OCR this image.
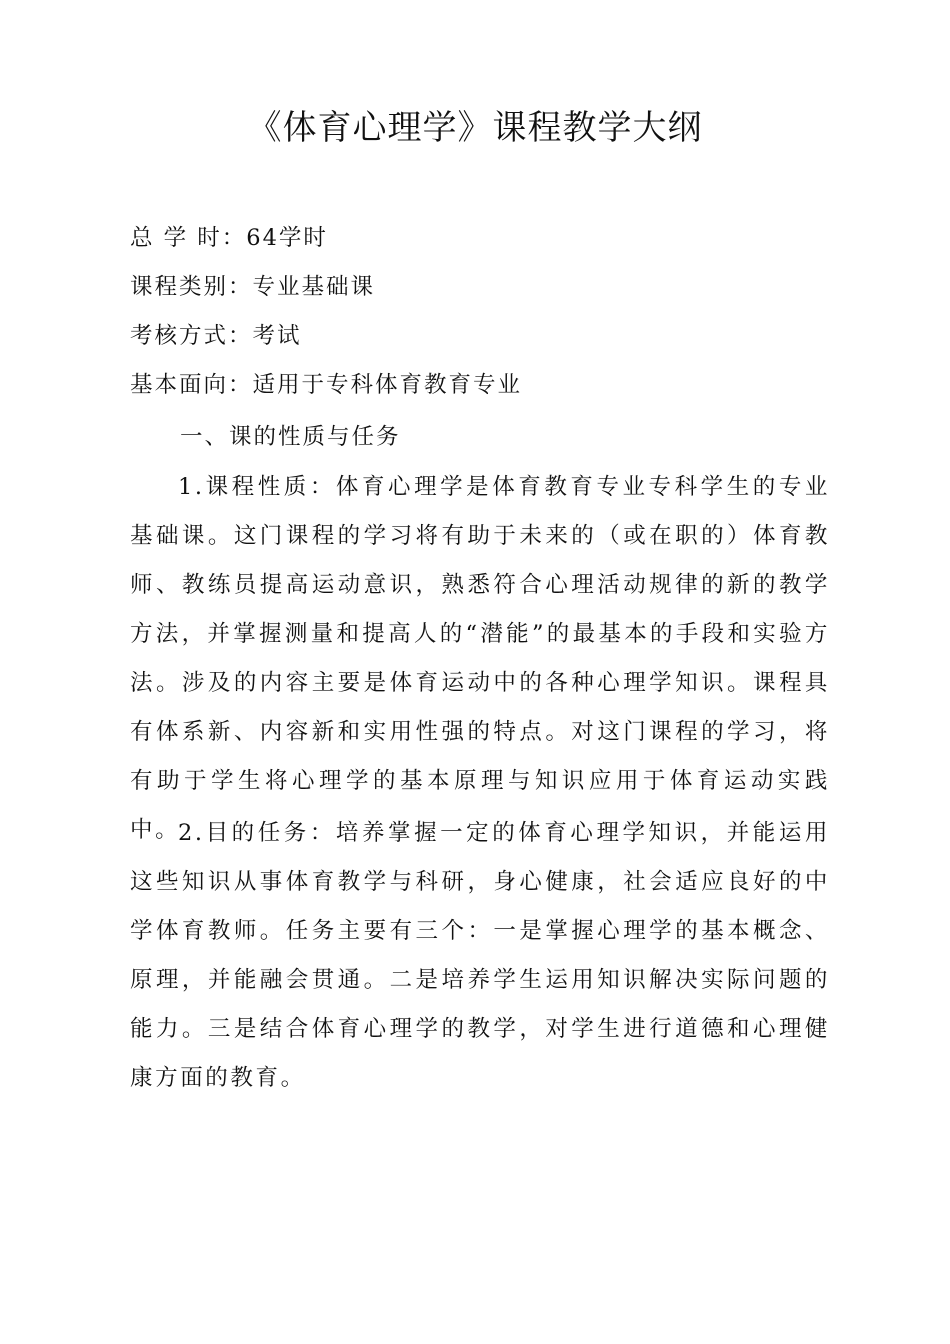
《体育心理学》课程教学大纲
总 学 时：64学时
课程类别：专业基础课
考核方式：考试
基本面向：适用于专科体育教育专业
一、课的性质与任务

1.课程性质：体育心理学是体育教育专业专科学生的专业基础课。这门课程的学习将有助于未来的（或在职的）体育教师、教练员提高运动意识，熟悉符合心理活动规律的新的教学方法，并掌握测量和提高人的“潜能”的最基本的手段和实验方法。涉及的内容主要是体育运动中的各种心理学知识。课程具有体系新、内容新和实用性强的特点。对这门课程的学习，将有助于学生将心理学的基本原理与知识应用于体育运动实践中。

2.目的任务：培养掌握一定的体育心理学知识，并能运用这些知识从事体育教学与科研，身心健康，社会适应良好的中学体育教师。任务主要有三个：一是掌握心理学的基本概念、原理，并能融会贯通。二是培养学生运用知识解决实际问题的能力。三是结合体育心理学的教学，对学生进行道德和心理健康方面的教育。
